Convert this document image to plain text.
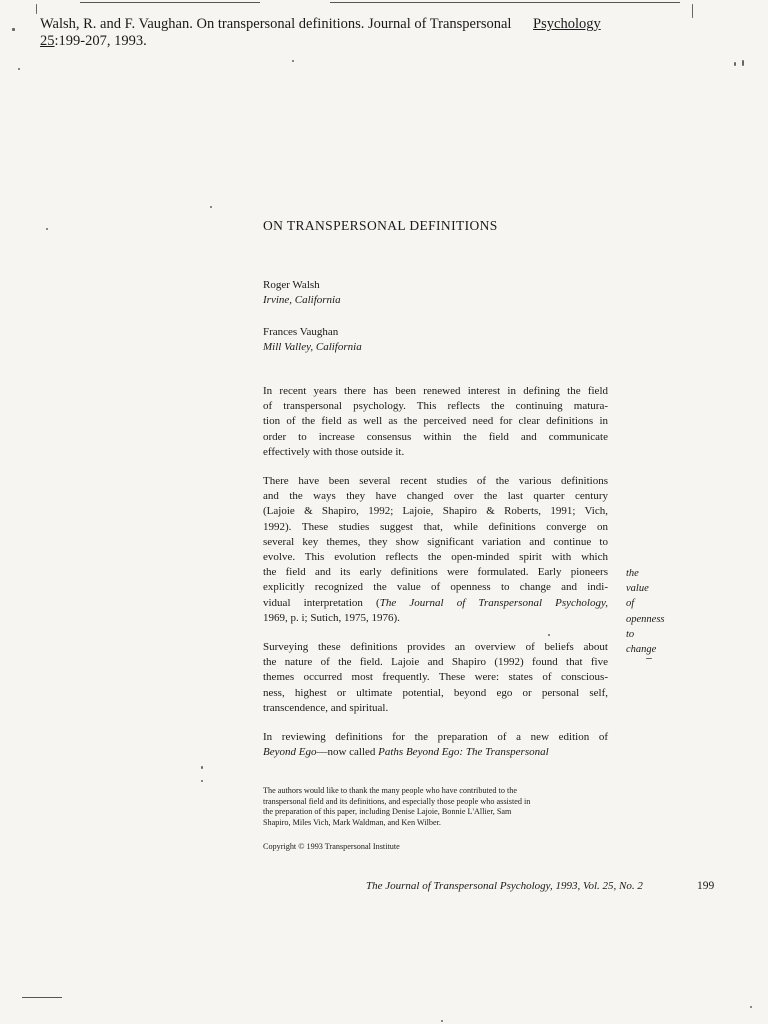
Walsh, R. and F. Vaughan. On transpersonal definitions. Journal of Transpersonal Psychology
25:199-207, 1993.
ON TRANSPERSONAL DEFINITIONS
Roger Walsh
Irvine, California
Frances Vaughan
Mill Valley, California
In recent years there has been renewed interest in defining the field
of transpersonal psychology. This reflects the continuing matura-
tion of the field as well as the perceived need for clear definitions in
order to increase consensus within the field and communicate
effectively with those outside it.
There have been several recent studies of the various definitions
and the ways they have changed over the last quarter century
(Lajoie & Shapiro, 1992; Lajoie, Shapiro & Roberts, 1991; Vich,
1992). These studies suggest that, while definitions converge on
several key themes, they show significant variation and continue to
evolve. This evolution reflects the open-minded spirit with which
the field and its early definitions were formulated. Early pioneers
explicitly recognized the value of openness to change and indi-
vidual interpretation (The Journal of Transpersonal Psychology,
1969, p. i; Sutich, 1975, 1976).
the
value
of
openness
to
change
Surveying these definitions provides an overview of beliefs about
the nature of the field. Lajoie and Shapiro (1992) found that five
themes occurred most frequently. These were: states of conscious-
ness, highest or ultimate potential, beyond ego or personal self,
transcendence, and spiritual.
In reviewing definitions for the preparation of a new edition of
Beyond Ego—now called Paths Beyond Ego: The Transpersonal
The authors would like to thank the many people who have contributed to the
transpersonal field and its definitions, and especially those people who assisted in
the preparation of this paper, including Denise Lajoie, Bonnie L'Allier, Sam
Shapiro, Miles Vich, Mark Waldman, and Ken Wilber.
Copyright © 1993 Transpersonal Institute
The Journal of Transpersonal Psychology, 1993, Vol. 25, No. 2	199
